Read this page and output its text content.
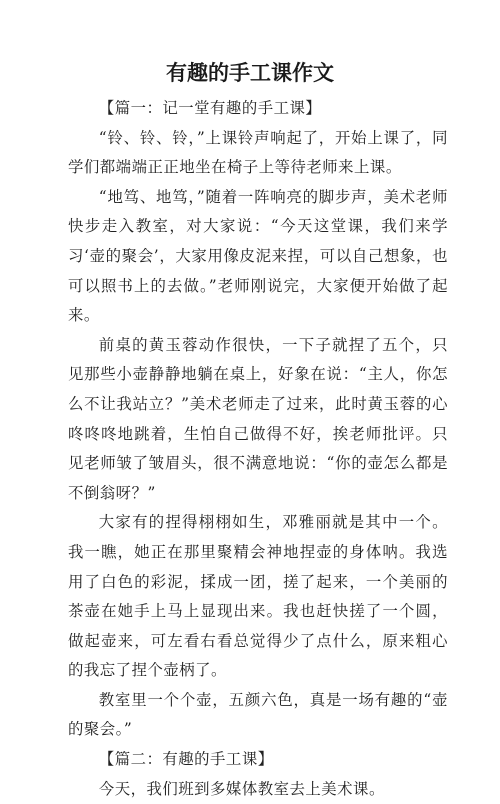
有趣的手工课作文

【篇一：记一堂有趣的手工课】

“铃、铃、铃，”上课铃声响起了，开始上课了，同学们都端端正正地坐在椅子上等待老师来上课。

“地笃、地笃，”随着一阵响亮的脚步声，美术老师快步走入教室，对大家说：“今天这堂课，我们来学习‘壶的聚会’，大家用像皮泥来捏，可以自己想象，也可以照书上的去做。”老师刚说完，大家便开始做了起来。

前桌的黄玉蓉动作很快，一下子就捏了五个，只见那些小壶静静地躺在桌上，好象在说：“主人，你怎么不让我站立？”美术老师走了过来，此时黄玉蓉的心咚咚咚地跳着，生怕自己做得不好，挨老师批评。只见老师皱了皱眉头，很不满意地说：“你的壶怎么都是不倒翁呀？”

大家有的捏得栩栩如生，邓雅丽就是其中一个。我一瞧，她正在那里聚精会神地捏壶的身体呐。我选用了白色的彩泥，揉成一团，搓了起来，一个美丽的茶壶在她手上马上显现出来。我也赶快搓了一个圆，做起壶来，可左看右看总觉得少了点什么，原来粗心的我忘了捏个壶柄了。

教室里一个个壶，五颜六色，真是一场有趣的“壶的聚会。”

【篇二：有趣的手工课】

今天，我们班到多媒体教室去上美术课。
